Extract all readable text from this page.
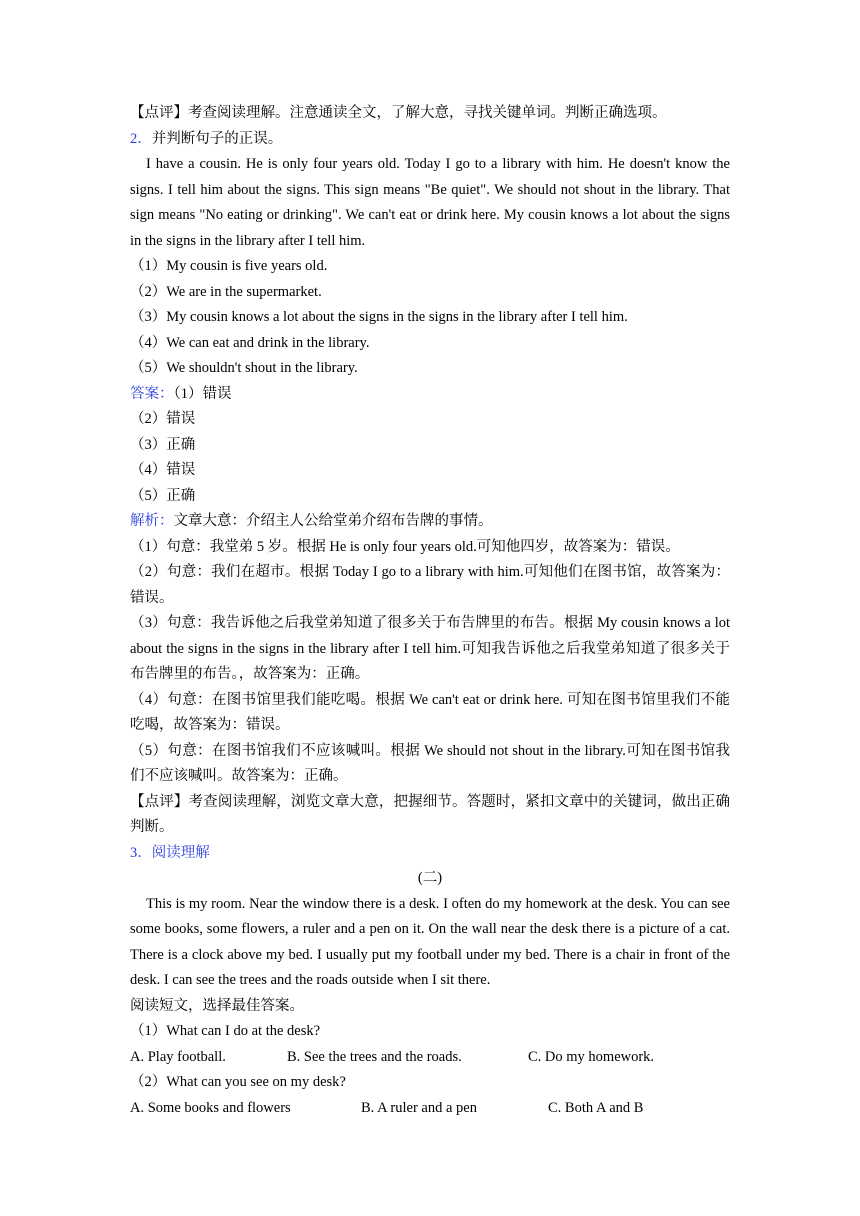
【点评】考查阅读理解。注意通读全文，了解大意，寻找关键单词。判断正确选项。
2．并判断句子的正误。
I have a cousin. He is only four years old. Today I go to a library with him. He doesn't know the signs. I tell him about the signs. This sign means "Be quiet". We should not shout in the library. That sign means "No eating or drinking". We can't eat or drink here. My cousin knows a lot about the signs in the signs in the library after I tell him.
（1）My cousin is five years old.
（2）We are in the supermarket.
（3）My cousin knows a lot about the signs in the signs in the library after I tell him.
（4）We can eat and drink in the library.
（5）We shouldn't shout in the library.
答案：（1）错误
（2）错误
（3）正确
（4）错误
（5）正确
解析：文章大意：介绍主人公给堂弟介绍布告牌的事情。
（1）句意：我堂弟 5 岁。根据 He is only four years old.可知他四岁，故答案为：错误。
（2）句意：我们在超市。根据 Today I go to a library with him.可知他们在图书馆，故答案为：错误。
（3）句意：我告诉他之后我堂弟知道了很多关于布告牌里的布告。根据 My cousin knows a lot about the signs in the signs in the library after I tell him.可知我告诉他之后我堂弟知道了很多关于布告牌里的布告。，故答案为：正确。
（4）句意：在图书馆里我们能吃喝。根据 We can't eat or drink here. 可知在图书馆里我们不能吃喝，故答案为：错误。
（5）句意：在图书馆我们不应该喊叫。根据 We should not shout in the library.可知在图书馆我们不应该喊叫。故答案为：正确。
【点评】考查阅读理解，浏览文章大意，把握细节。答题时，紧扣文章中的关键词，做出正确判断。
3．阅读理解
(二)
This is my room. Near the window there is a desk. I often do my homework at the desk. You can see some books, some flowers, a ruler and a pen on it. On the wall near the desk there is a picture of a cat. There is a clock above my bed. I usually put my football under my bed. There is a chair in front of the desk. I can see the trees and the roads outside when I sit there.
阅读短文，选择最佳答案。
（1）What can I do at the desk?
A. Play football.	B. See the trees and the roads.	C. Do my homework.
（2）What can you see on my desk?
A. Some books and flowers	B. A ruler and a pen	C. Both A and B
